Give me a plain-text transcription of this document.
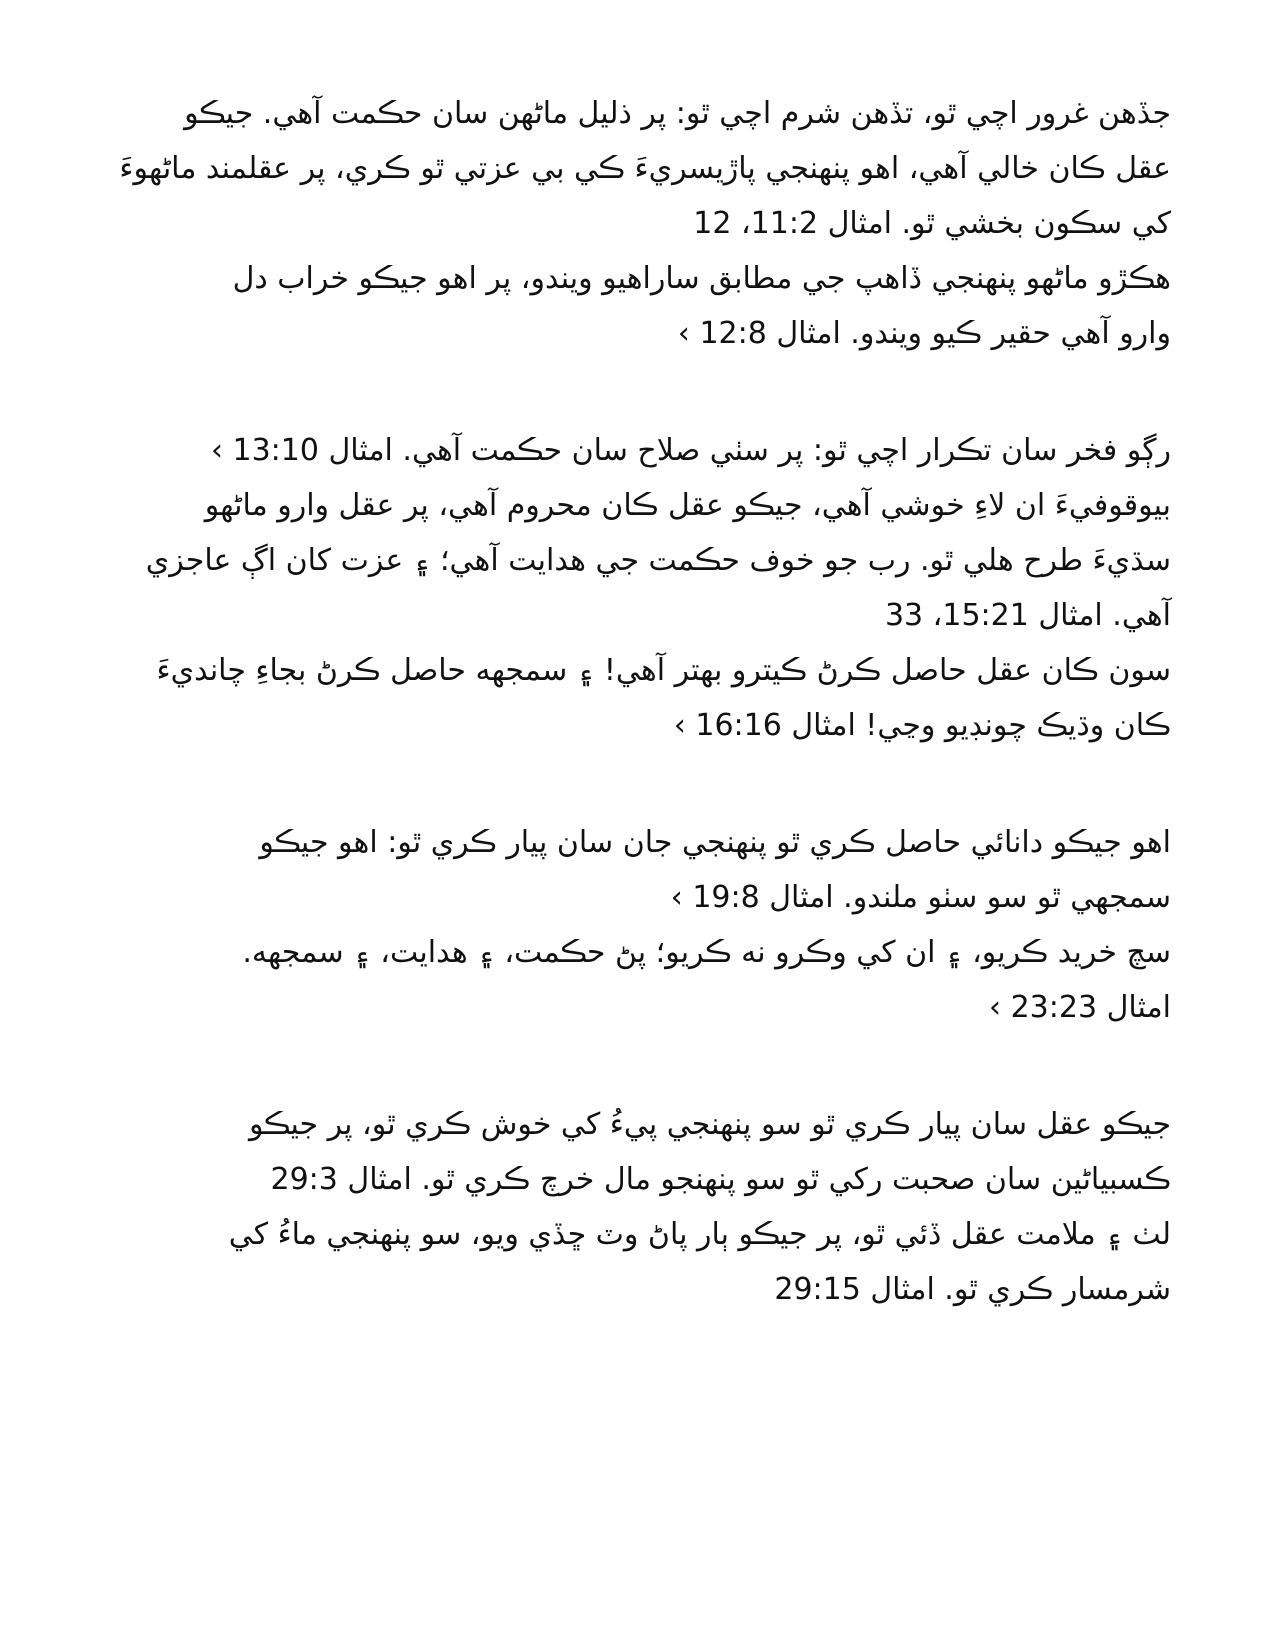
جڏهن غرور اچي ٿو، تڏهن شرم اچي ٿو: پر ذليل ماڻهن سان حڪمت آهي. جيڪو
عقل ڪان خالي آهي، اهو پنهنجي پاڙيسريءَ ڪي بي عزتي ٿو ڪري، پر عقلمند ماڻهوءَ
کي سڪون بخشي ٿو. امثال 11:2، 12
هڪڙو ماڻهو پنهنجي ڏاهپ جي مطابق ساراهيو ويندو، پر اهو جيڪو خراب دل
وارو آهي حقير ڪيو ويندو. امثال 12:8 ›
رڳو فخر سان تڪرار اچي ٿو: پر سٺي صلاح سان حڪمت آهي. امثال 13:10 ›
بيوقوفيءَ ان لاءِ خوشي آهي، جيڪو عقل ڪان محروم آهي، پر عقل وارو ماڻهو
سڌيءَ طرح هلي ٿو. رب جو خوف حڪمت جي هدايت آهي؛ ۽ عزت کان اڳ عاجزي
آهي. امثال 15:21، 33
سون ڪان عقل حاصل ڪرڻ ڪيترو بهتر آهي! ۽ سمجهه حاصل ڪرڻ بجاءِ چانديءَ
ڪان وڌيڪ چونڊيو وڃي! امثال 16:16 ›
اهو جيڪو دانائي حاصل ڪري ٿو پنهنجي جان سان پيار ڪري ٿو: اهو جيڪو
سمجهي ٿو سو سٺو ملندو. امثال 19:8 ›
سچ خريد ڪريو، ۽ ان کي وڪرو نه ڪريو؛ پڻ حڪمت، ۽ هدايت، ۽ سمجهه.
امثال 23:23 ›
جيڪو عقل سان پيار ڪري ٿو سو پنهنجي پيءُ کي خوش ڪري ٿو، پر جيڪو
ڪسبياڻين سان صحبت رکي ٿو سو پنهنجو مال خرچ ڪري ٿو. امثال 29:3
لٺ ۽ ملامت عقل ڏئي ٿو، پر جيڪو ٻار پاڻ وٽ ڇڏي ويو، سو پنهنجي ماءُ کي
شرمسار ڪري ٿو. امثال 29:15
